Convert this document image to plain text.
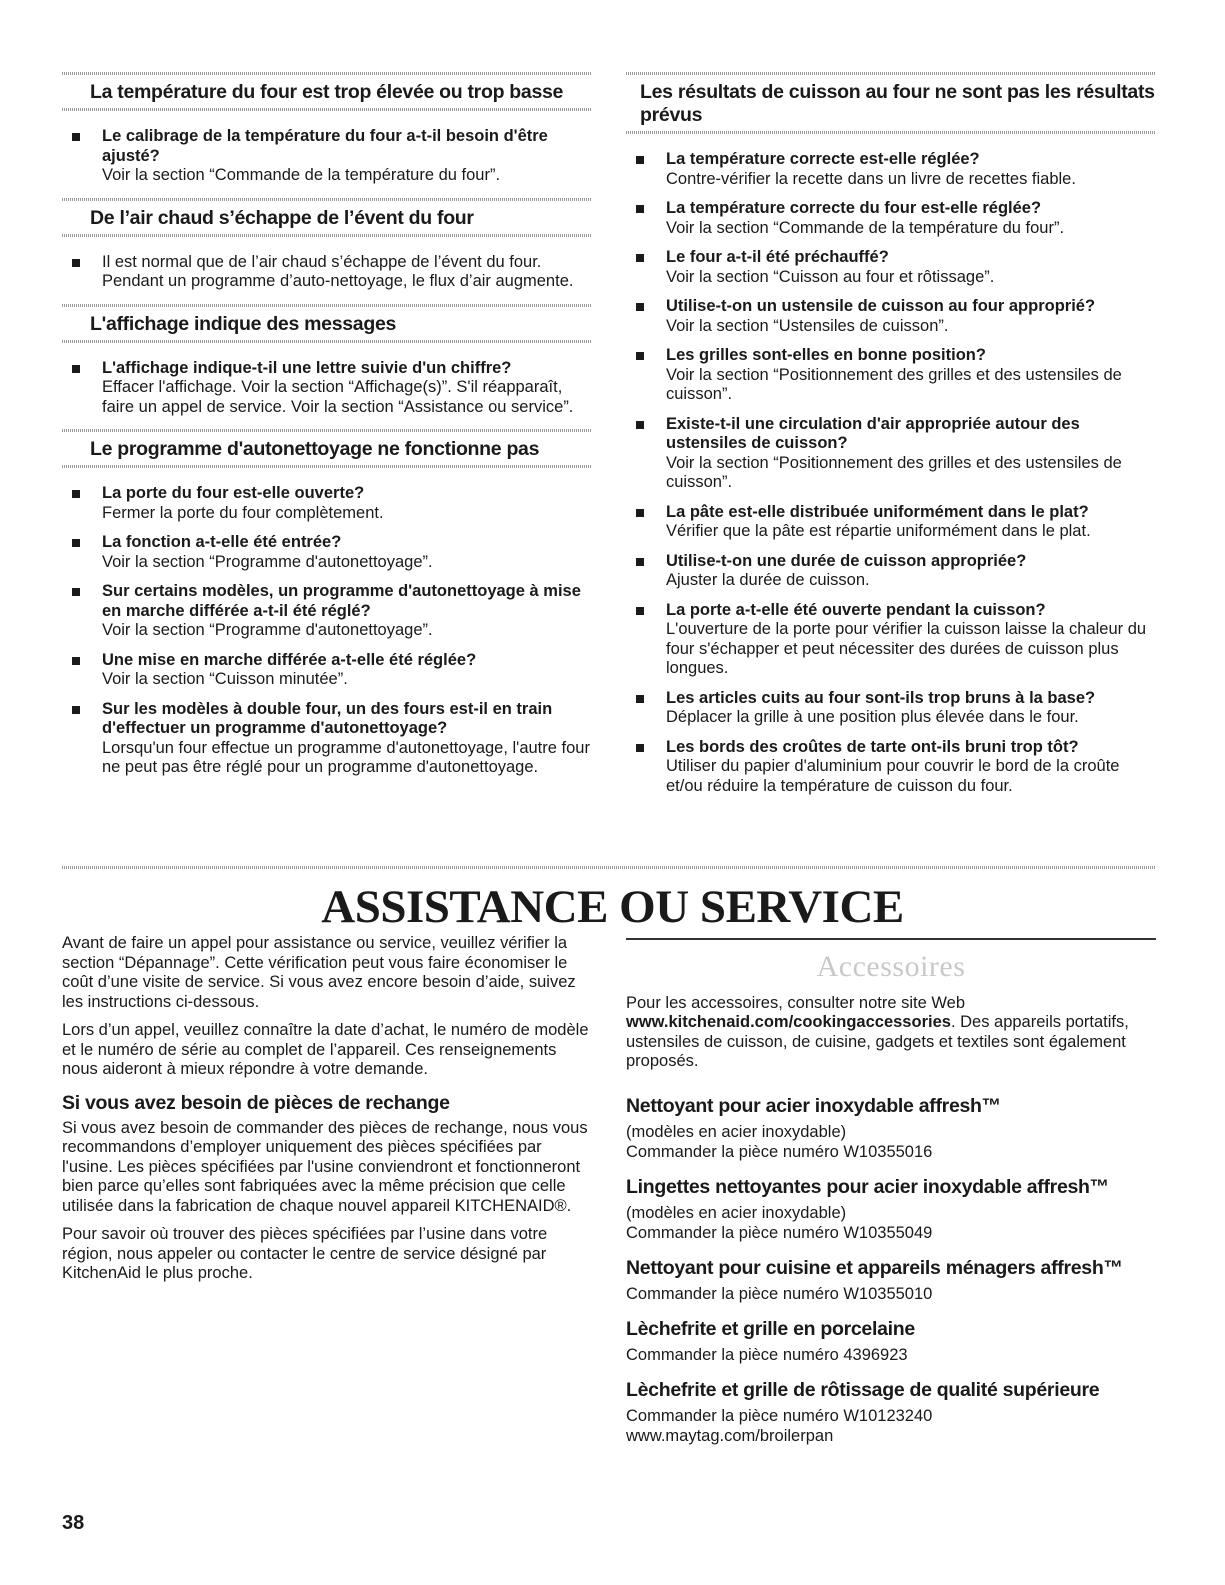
La température du four est trop élevée ou trop basse
Le calibrage de la température du four a-t-il besoin d'être ajusté?
Voir la section “Commande de la température du four”.
De l’air chaud s’échappe de l’évent du four
Il est normal que de l’air chaud s’échappe de l’évent du four. Pendant un programme d’auto-nettoyage, le flux d’air augmente.
L'affichage indique des messages
L'affichage indique-t-il une lettre suivie d'un chiffre?
Effacer l'affichage. Voir la section “Affichage(s)”. S'il réapparaît, faire un appel de service. Voir la section “Assistance ou service”.
Le programme d'autonettoyage ne fonctionne pas
La porte du four est-elle ouverte?
Fermer la porte du four complètement.
La fonction a-t-elle été entrée?
Voir la section “Programme d'autonettoyage”.
Sur certains modèles, un programme d'autonettoyage à mise en marche différée a-t-il été réglé?
Voir la section “Programme d'autonettoyage”.
Une mise en marche différée a-t-elle été réglée?
Voir la section “Cuisson minutée”.
Sur les modèles à double four, un des fours est-il en train d'effectuer un programme d'autonettoyage?
Lorsqu'un four effectue un programme d'autonettoyage, l'autre four ne peut pas être réglé pour un programme d'autonettoyage.
Les résultats de cuisson au four ne sont pas les résultats prévus
La température correcte est-elle réglée?
Contre-vérifier la recette dans un livre de recettes fiable.
La température correcte du four est-elle réglée?
Voir la section “Commande de la température du four”.
Le four a-t-il été préchauffé?
Voir la section “Cuisson au four et rôtissage”.
Utilise-t-on un ustensile de cuisson au four approprié?
Voir la section “Ustensiles de cuisson”.
Les grilles sont-elles en bonne position?
Voir la section “Positionnement des grilles et des ustensiles de cuisson”.
Existe-t-il une circulation d'air appropriée autour des ustensiles de cuisson?
Voir la section “Positionnement des grilles et des ustensiles de cuisson”.
La pâte est-elle distribuée uniformément dans le plat?
Vérifier que la pâte est répartie uniformément dans le plat.
Utilise-t-on une durée de cuisson appropriée?
Ajuster la durée de cuisson.
La porte a-t-elle été ouverte pendant la cuisson?
L'ouverture de la porte pour vérifier la cuisson laisse la chaleur du four s'échapper et peut nécessiter des durées de cuisson plus longues.
Les articles cuits au four sont-ils trop bruns à la base?
Déplacer la grille à une position plus élevée dans le four.
Les bords des croûtes de tarte ont-ils bruni trop tôt?
Utiliser du papier d'aluminium pour couvrir le bord de la croûte et/ou réduire la température de cuisson du four.
ASSISTANCE OU SERVICE

Avant de faire un appel pour assistance ou service, veuillez vérifier la section “Dépannage”. Cette vérification peut vous faire économiser le coût d’une visite de service. Si vous avez encore besoin d’aide, suivez les instructions ci-dessous.

Lors d’un appel, veuillez connaître la date d’achat, le numéro de modèle et le numéro de série au complet de l’appareil. Ces renseignements nous aideront à mieux répondre à votre demande.

Si vous avez besoin de pièces de rechange

Si vous avez besoin de commander des pièces de rechange, nous vous recommandons d’employer uniquement des pièces spécifiées par l'usine. Les pièces spécifiées par l'usine conviendront et fonctionneront bien parce qu’elles sont fabriquées avec la même précision que celle utilisée dans la fabrication de chaque nouvel appareil KITCHENAID®.

Pour savoir où trouver des pièces spécifiées par l’usine dans votre région, nous appeler ou contacter le centre de service désigné par KitchenAid le plus proche.

Accessoires

Pour les accessoires, consulter notre site Web www.kitchenaid.com/cookingaccessories. Des appareils portatifs, ustensiles de cuisson, de cuisine, gadgets et textiles sont également proposés.

Nettoyant pour acier inoxydable affresh™
(modèles en acier inoxydable)
Commander la pièce numéro W10355016
Lingettes nettoyantes pour acier inoxydable affresh™
(modèles en acier inoxydable)
Commander la pièce numéro W10355049
Nettoyant pour cuisine et appareils ménagers affresh™
Commander la pièce numéro W10355010
Lèchefrite et grille en porcelaine
Commander la pièce numéro 4396923
Lèchefrite et grille de rôtissage de qualité supérieure
Commander la pièce numéro W10123240
www.maytag.com/broilerpan
38
